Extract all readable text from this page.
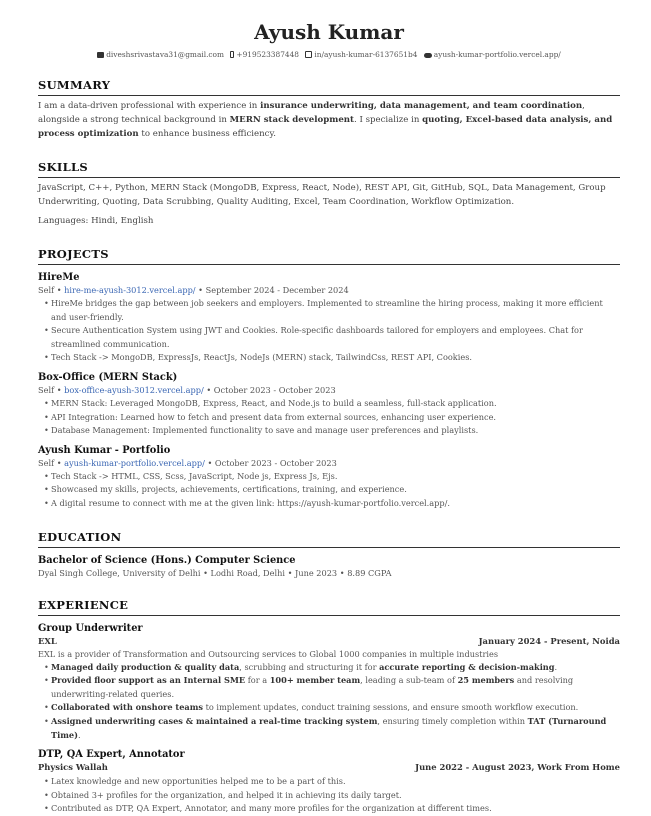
Ayush Kumar
diveshsrivastava31@gmail.com +919523387448 in/ayush-kumar-6137651b4 ayush-kumar-portfolio.vercel.app/
SUMMARY
I am a data-driven professional with experience in insurance underwriting, data management, and team coordination, alongside a strong technical background in MERN stack development. I specialize in quoting, Excel-based data analysis, and process optimization to enhance business efficiency.
SKILLS
JavaScript, C++, Python, MERN Stack (MongoDB, Express, React, Node), REST API, Git, GitHub, SQL, Data Management, Group Underwriting, Quoting, Data Scrubbing, Quality Auditing, Excel, Team Coordination, Workflow Optimization.
Languages: Hindi, English
PROJECTS
HireMe
Self • hire-me-ayush-3012.vercel.app/ • September 2024 - December 2024
• HireMe bridges the gap between job seekers and employers. Implemented to streamline the hiring process, making it more efficient and user-friendly.
• Secure Authentication System using JWT and Cookies. Role-specific dashboards tailored for employers and employees. Chat for streamlined communication.
• Tech Stack -> MongoDB, ExpressJs, ReactJs, NodeJs (MERN) stack, TailwindCss, REST API, Cookies.
Box-Office (MERN Stack)
Self • box-office-ayush-3012.vercel.app/ • October 2023 - October 2023
• MERN Stack: Leveraged MongoDB, Express, React, and Node.js to build a seamless, full-stack application.
• API Integration: Learned how to fetch and present data from external sources, enhancing user experience.
• Database Management: Implemented functionality to save and manage user preferences and playlists.
Ayush Kumar - Portfolio
Self • ayush-kumar-portfolio.vercel.app/ • October 2023 - October 2023
• Tech Stack -> HTML, CSS, Scss, JavaScript, Node js, Express Js, Ejs.
• Showcased my skills, projects, achievements, certifications, training, and experience.
• A digital resume to connect with me at the given link: https://ayush-kumar-portfolio.vercel.app/.
EDUCATION
Bachelor of Science (Hons.) Computer Science
Dyal Singh College, University of Delhi • Lodhi Road, Delhi • June 2023 • 8.89 CGPA
EXPERIENCE
Group Underwriter
EXL	January 2024 - Present, Noida
EXL is a provider of Transformation and Outsourcing services to Global 1000 companies in multiple industries
• Managed daily production & quality data, scrubbing and structuring it for accurate reporting & decision-making.
• Provided floor support as an Internal SME for a 100+ member team, leading a sub-team of 25 members and resolving underwriting-related queries.
• Collaborated with onshore teams to implement updates, conduct training sessions, and ensure smooth workflow execution.
• Assigned underwriting cases & maintained a real-time tracking system, ensuring timely completion within TAT (Turnaround Time).
DTP, QA Expert, Annotator
Physics Wallah	June 2022 - August 2023, Work From Home
• Latex knowledge and new opportunities helped me to be a part of this.
• Obtained 3+ profiles for the organization, and helped it in achieving its daily target.
• Contributed as DTP, QA Expert, Annotator, and many more profiles for the organization at different times.
